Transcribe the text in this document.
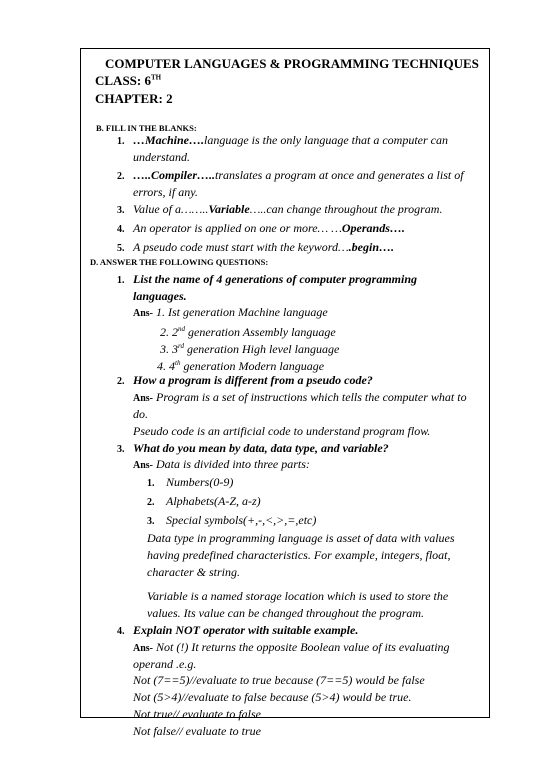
COMPUTER LANGUAGES & PROGRAMMING TECHNIQUES
CLASS: 6TH
CHAPTER: 2
B. FILL IN THE BLANKS:
1. …Machine….language is the only language that a computer can
understand.
2. …..Compiler…..translates a program at once and generates a list of
errors, if any.
3. Value of a……..Variable…..can change throughout the program.
4. An operator is applied on one or more… …Operands….
5. A pseudo code must start with the keyword….begin….
D. ANSWER THE FOLLOWING QUESTIONS:
1. List the name of 4 generations of computer programming
languages.
Ans- 1. Ist generation Machine language
2. 2nd generation Assembly language
3. 3rd generation High level language
4. 4th generation Modern language
2. How a program is different from a pseudo code?
Ans- Program is a set of instructions which tells the computer what to
do.
Pseudo code is an artificial code to understand program flow.
3. What do you mean by data, data type, and variable?
Ans- Data is divided into three parts:
1. Numbers(0-9)
2. Alphabets(A-Z, a-z)
3. Special symbols(+,-,<,>,=,etc)
Data type in programming language is asset of data with values
having predefined characteristics. For example, integers, float,
character & string.
Variable is a named storage location which is used to store the
values. Its value can be changed throughout the program.
4. Explain NOT operator with suitable example.
Ans- Not (!) It returns the opposite Boolean value of its evaluating
operand .e.g.
Not (7==5)//evaluate to true because (7==5) would be false
Not (5>4)//evaluate to false because (5>4) would be true.
Not true// evaluate to false
Not false// evaluate to true
